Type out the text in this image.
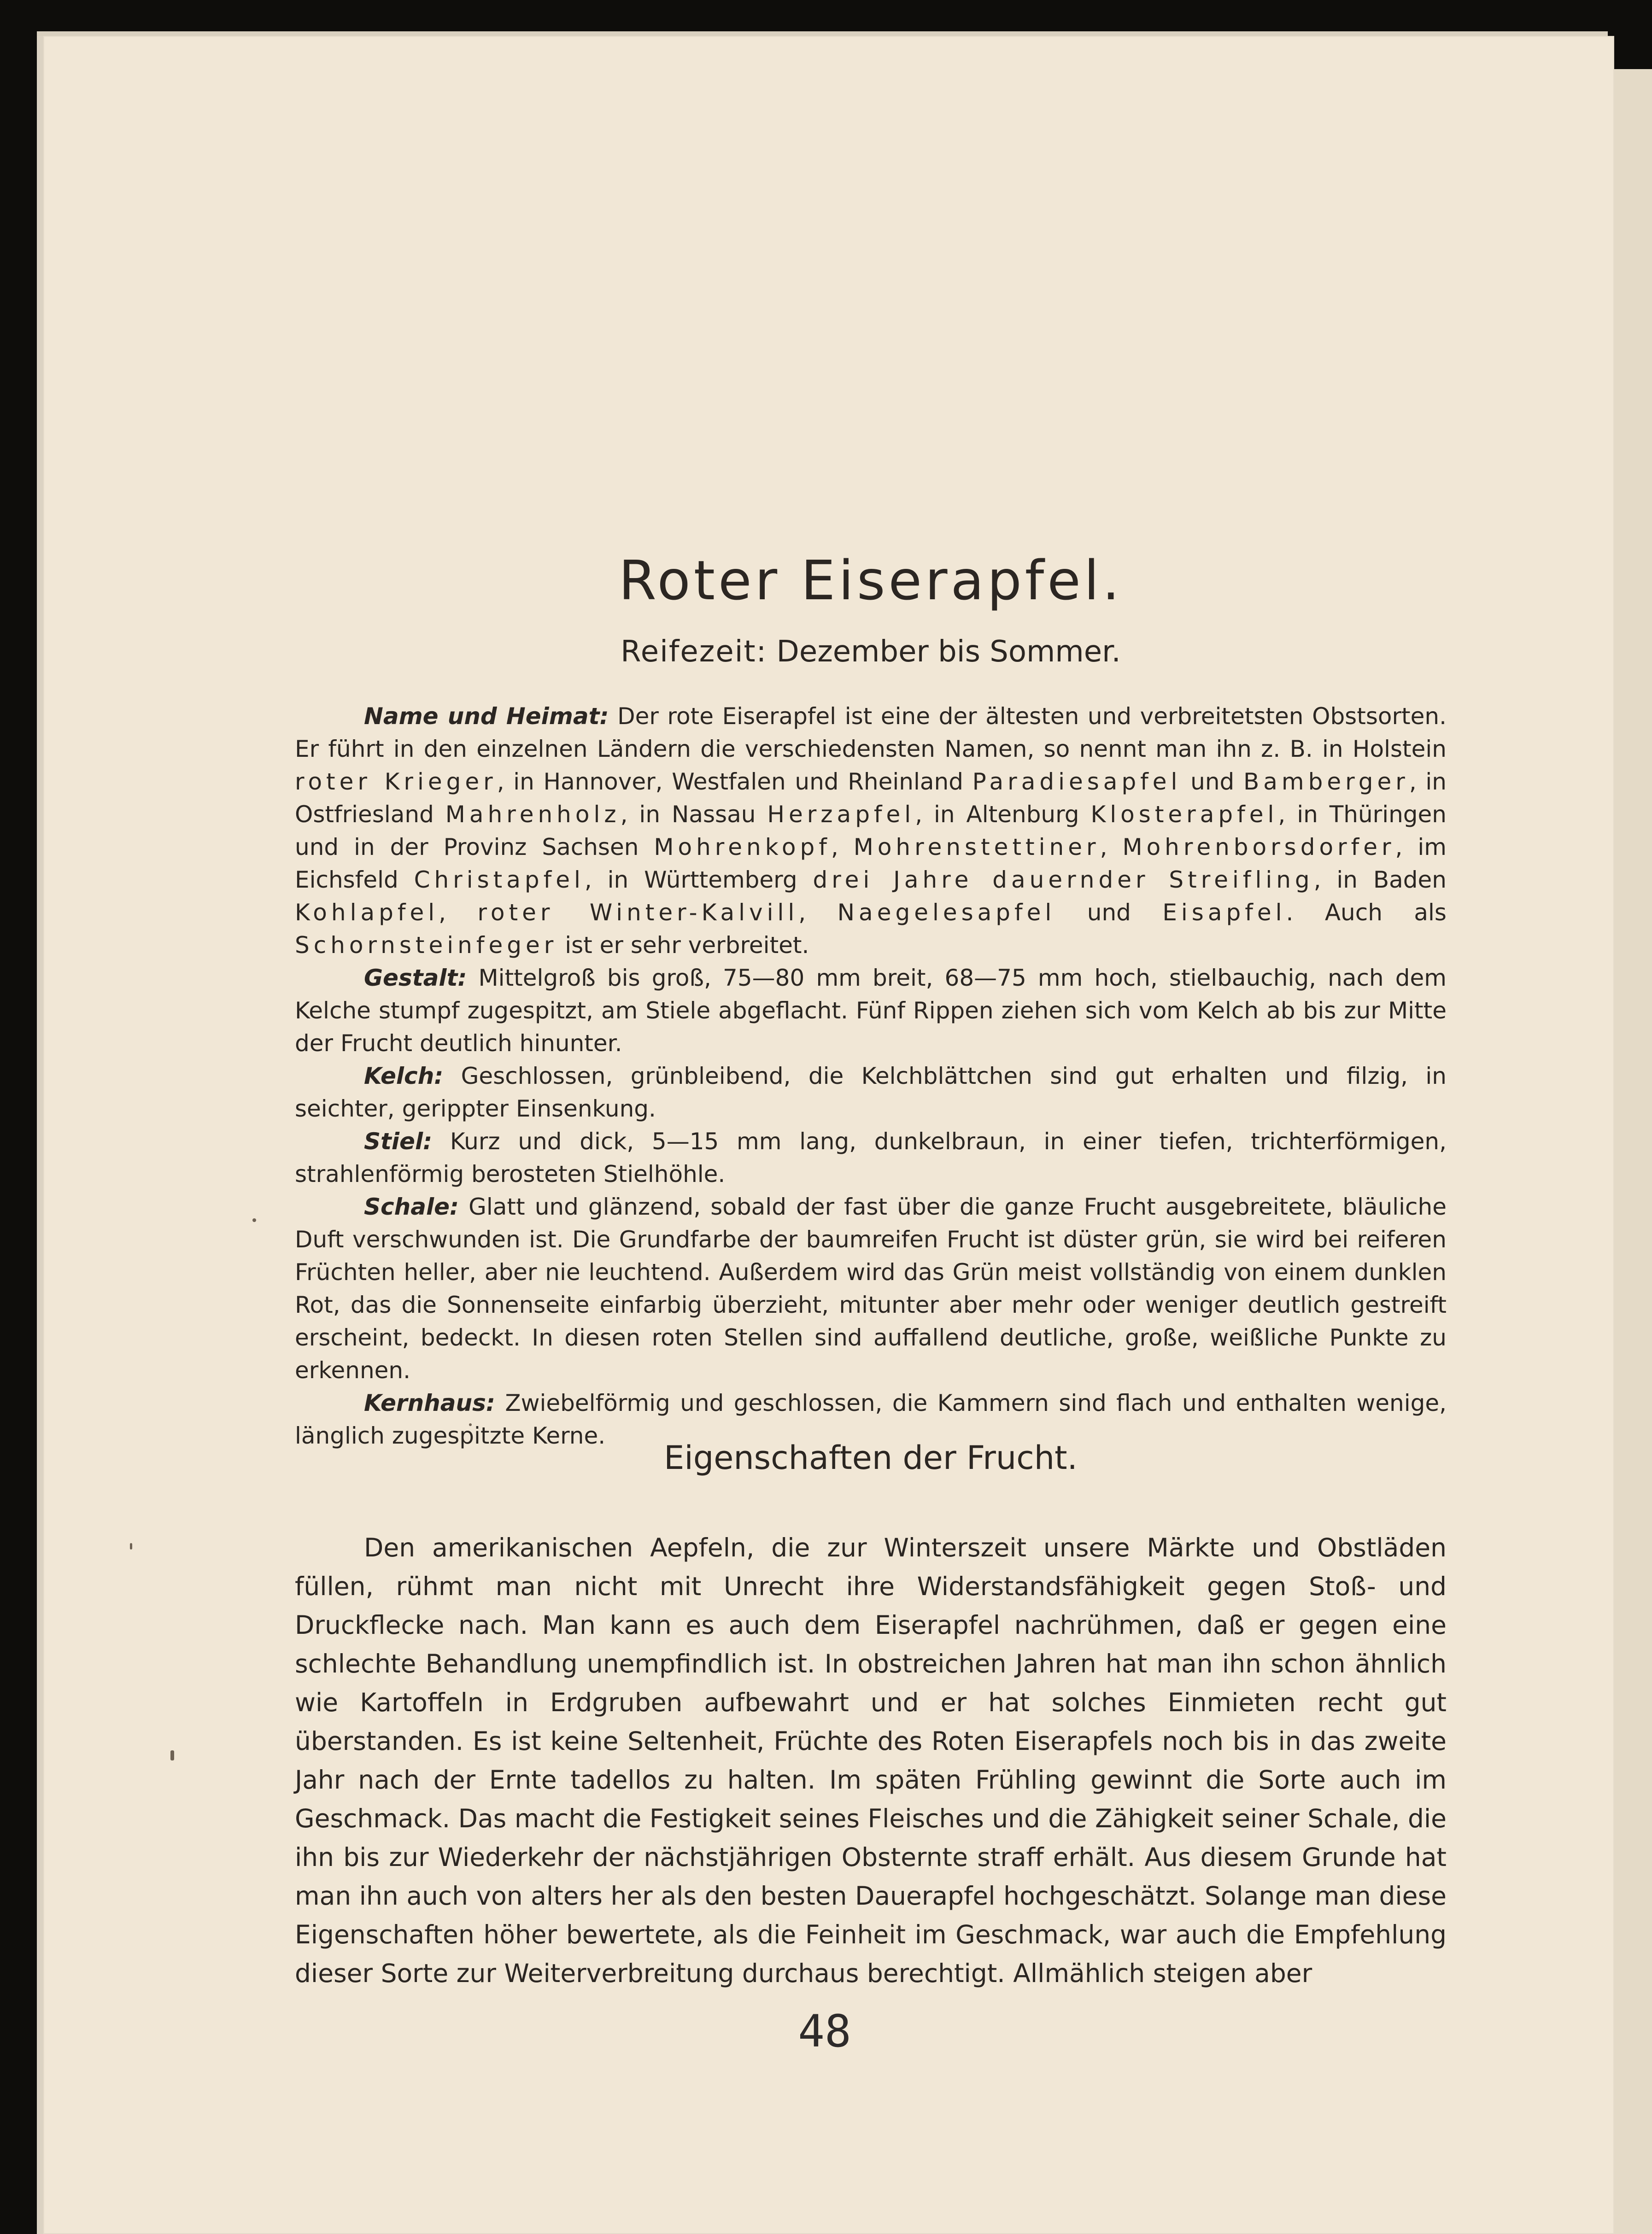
Roter Eiserapfel.
Reifezeit: Dezember bis Sommer.

Name und Heimat: Der rote Eiserapfel ist eine der ältesten und verbreitetsten Obstsorten. Er führt in den einzelnen Ländern die verschiedensten Namen, so nennt man ihn z. B. in Holstein roter Krieger, in Hannover, Westfalen und Rheinland Paradiesapfel und Bamberger, in Ostfriesland Mahrenholz, in Nassau Herzapfel, in Altenburg Klosterapfel, in Thüringen und in der Provinz Sachsen Mohrenkopf, Mohrenstettiner, Mohrenborsdorfer, im Eichsfeld Christapfel, in Württemberg drei Jahre dauernder Streifling, in Baden Kohlapfel, roter Winter-Kalvill, Naegelesapfel und Eisapfel. Auch als Schornsteinfeger ist er sehr verbreitet.

Gestalt: Mittelgroß bis groß, 75—80 mm breit, 68—75 mm hoch, stielbauchig, nach dem Kelche stumpf zugespitzt, am Stiele abgeflacht. Fünf Rippen ziehen sich vom Kelch ab bis zur Mitte der Frucht deutlich hinunter.

Kelch: Geschlossen, grünbleibend, die Kelchblättchen sind gut erhalten und filzig, in seichter, gerippter Einsenkung.

Stiel: Kurz und dick, 5—15 mm lang, dunkelbraun, in einer tiefen, trichterförmigen, strahlenförmig berosteten Stielhöhle.

Schale: Glatt und glänzend, sobald der fast über die ganze Frucht ausgebreitete, bläuliche Duft verschwunden ist. Die Grundfarbe der baumreifen Frucht ist düster grün, sie wird bei reiferen Früchten heller, aber nie leuchtend. Außerdem wird das Grün meist vollständig von einem dunklen Rot, das die Sonnenseite einfarbig überzieht, mitunter aber mehr oder weniger deutlich gestreift erscheint, bedeckt. In diesen roten Stellen sind auffallend deutliche, große, weißliche Punkte zu erkennen.

Kernhaus: Zwiebelförmig und geschlossen, die Kammern sind flach und enthalten wenige, länglich zugespitzte Kerne.

Eigenschaften der Frucht.

Den amerikanischen Aepfeln, die zur Winterszeit unsere Märkte und Obstläden füllen, rühmt man nicht mit Unrecht ihre Widerstandsfähigkeit gegen Stoß- und Druckflecke nach. Man kann es auch dem Eiserapfel nachrühmen, daß er gegen eine schlechte Behandlung unempfindlich ist. In obstreichen Jahren hat man ihn schon ähnlich wie Kartoffeln in Erdgruben aufbewahrt und er hat solches Einmieten recht gut überstanden. Es ist keine Seltenheit, Früchte des Roten Eiserapfels noch bis in das zweite Jahr nach der Ernte tadellos zu halten. Im späten Frühling gewinnt die Sorte auch im Geschmack. Das macht die Festigkeit seines Fleisches und die Zähigkeit seiner Schale, die ihn bis zur Wiederkehr der nächstjährigen Obsternte straff erhält. Aus diesem Grunde hat man ihn auch von alters her als den besten Dauerapfel hochgeschätzt. Solange man diese Eigenschaften höher bewertete, als die Feinheit im Geschmack, war auch die Empfehlung dieser Sorte zur Weiterverbreitung durchaus berechtigt. Allmählich steigen aber

48
